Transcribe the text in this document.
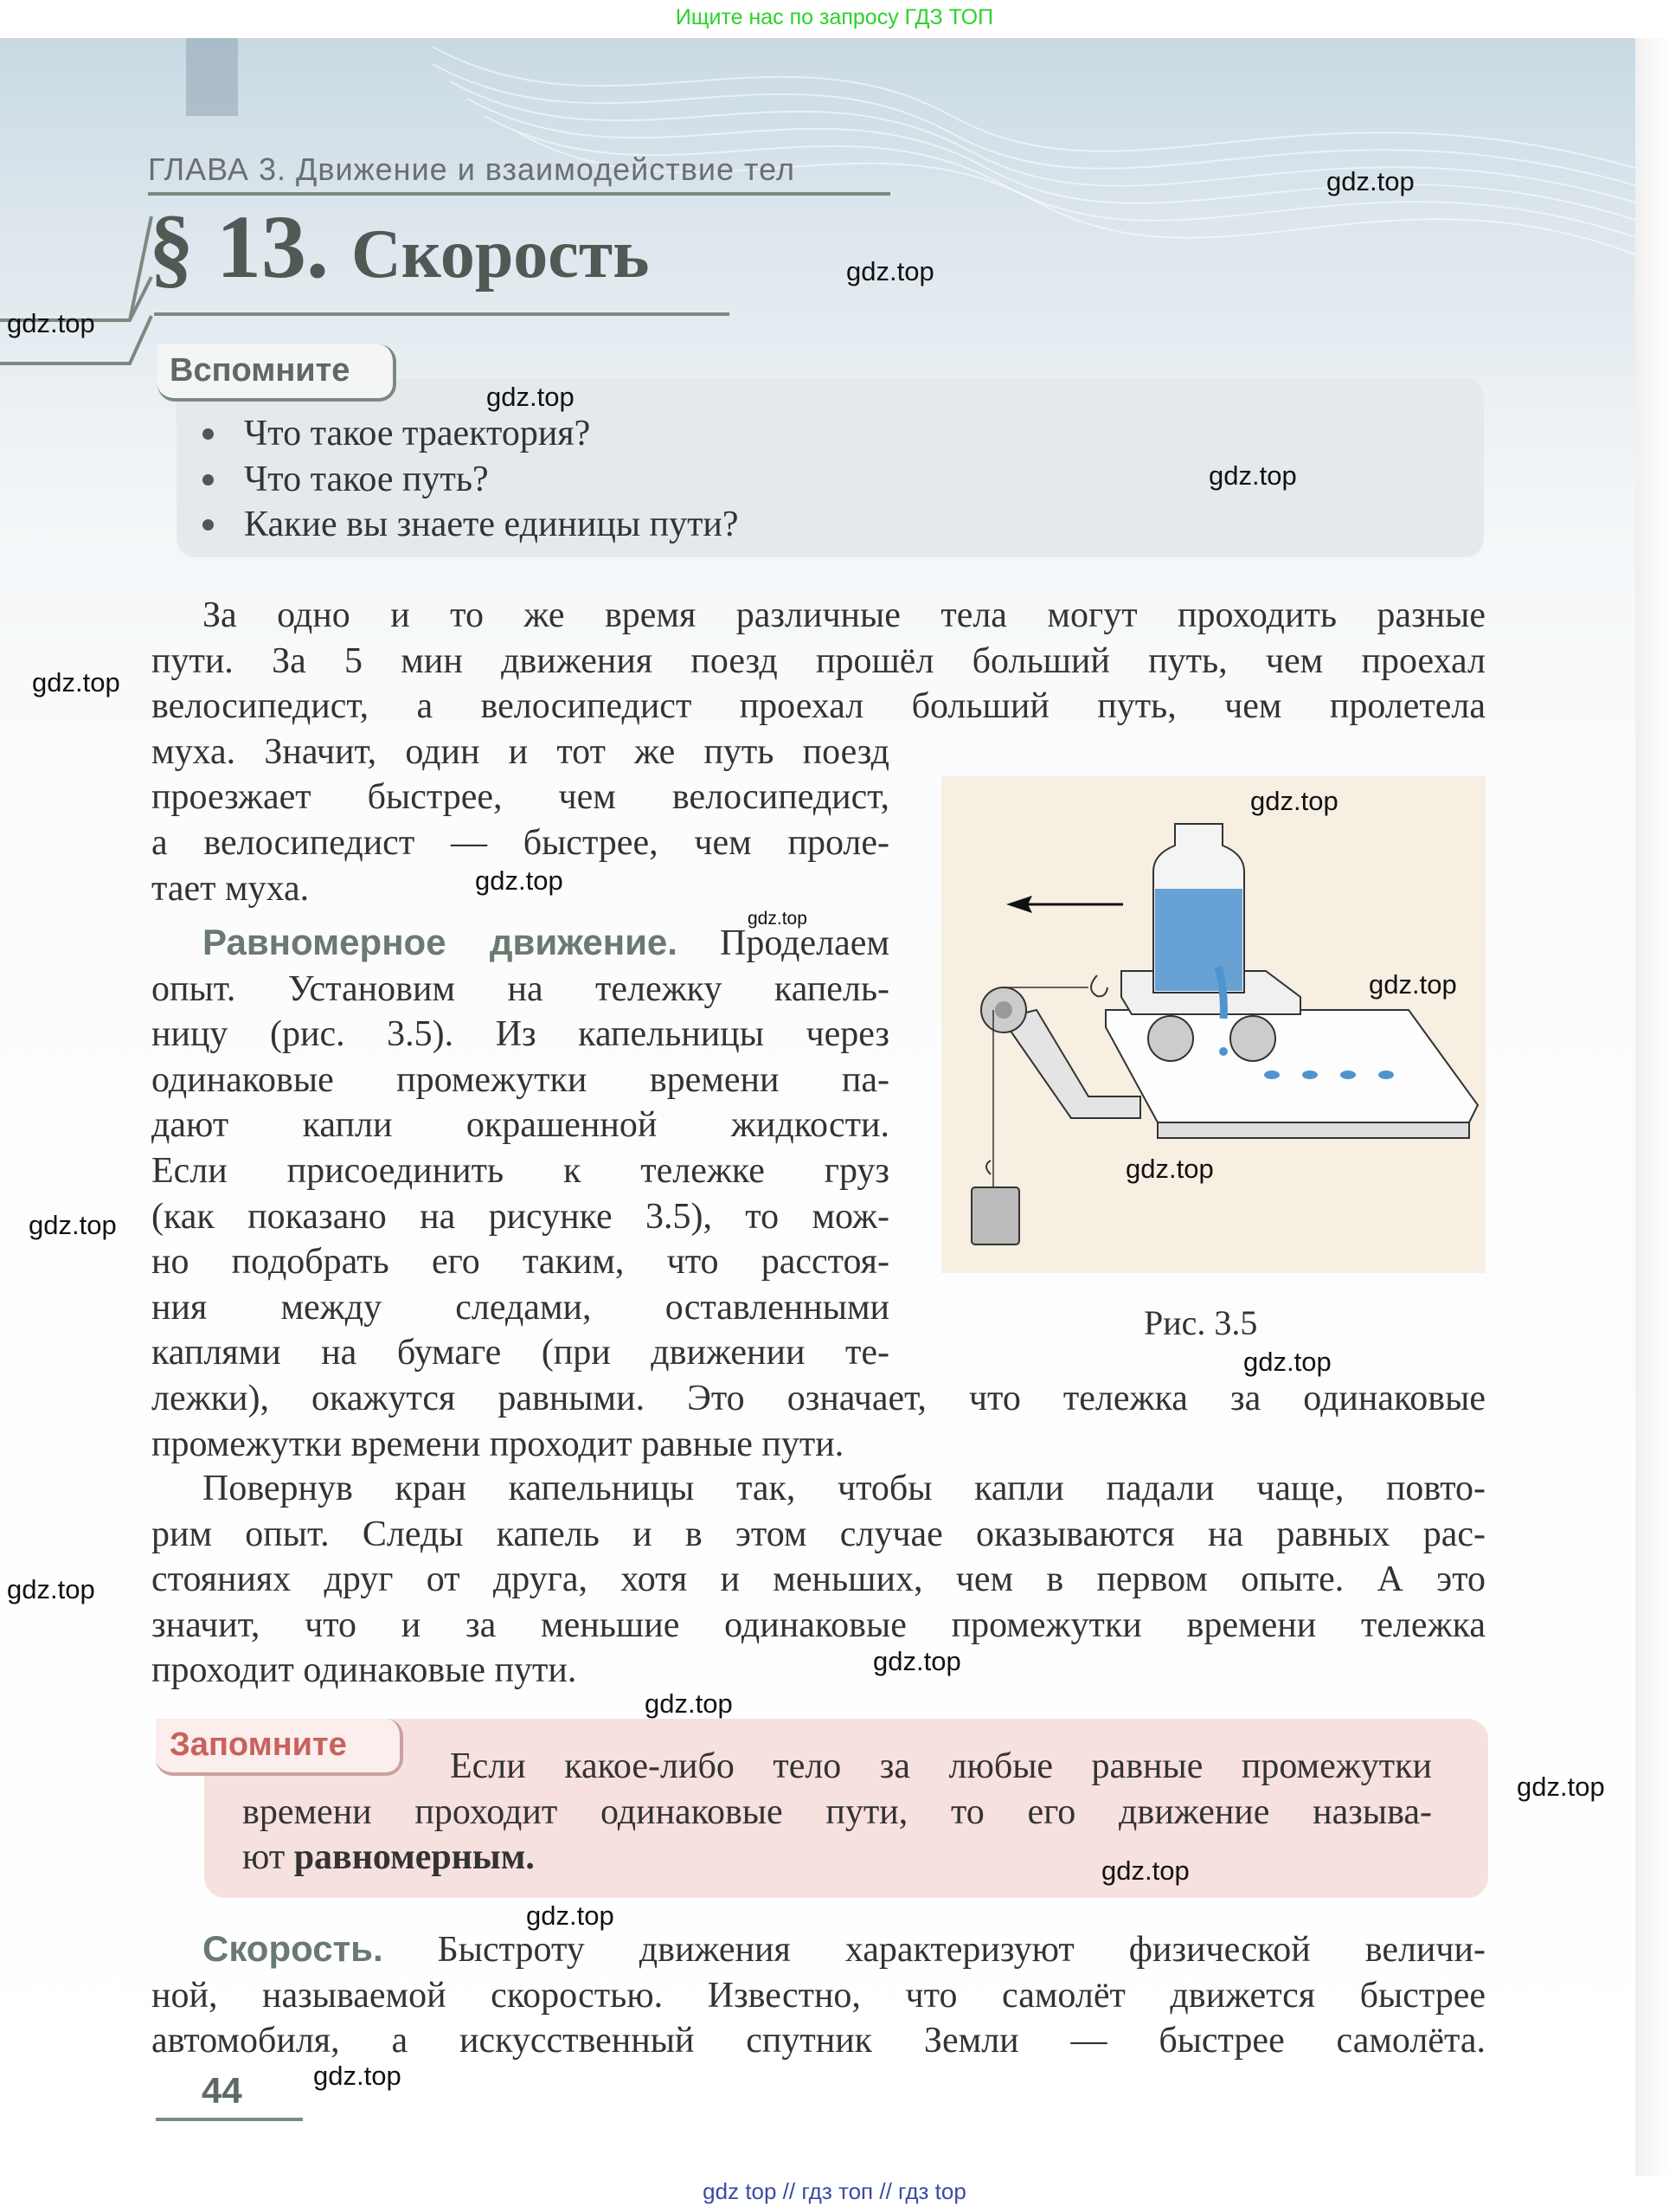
Ищите нас по запросу ГДЗ ТОП
ГЛАВА 3. Движение и взаимодействие тел
§ 13. Скорость
Вспомните
Что такое траектория?
Что такое путь?
Какие вы знаете единицы пути?
За одно и то же время различные тела могут проходить разные
пути. За 5 мин движения поезд прошёл больший путь, чем проехал
велосипедист, а велосипедист проехал больший путь, чем пролетела
муха. Значит, один и тот же путь поезд
проезжает быстрее, чем велосипедист,
а велосипедист — быстрее, чем проле-
тает муха.
Равномерное движение. Проделаем
опыт. Установим на тележку капель-
ницу (рис. 3.5). Из капельницы через
одинаковые промежутки времени па-
дают капли окрашенной жидкости.
Если присоединить к тележке груз
(как показано на рисунке 3.5), то мож-
но подобрать его таким, что расстоя-
ния между следами, оставленными
каплями на бумаге (при движении те-
лежки), окажутся равными. Это означает, что тележка за одинаковые
промежутки времени проходит равные пути.
Рис. 3.5
Повернув кран капельницы так, чтобы капли падали чаще, повто-
рим опыт. Следы капель и в этом случае оказываются на равных рас-
стояниях друг от друга, хотя и меньших, чем в первом опыте. А это
значит, что и за меньшие одинаковые промежутки времени тележка
проходит одинаковые пути.
Запомните
Если какое-либо тело за любые равные промежутки
времени проходит одинаковые пути, то его движение называ-
ют равномерным.
Скорость. Быстроту движения характеризуют физической величи-
ной, называемой скоростью. Известно, что самолёт движется быстрее
автомобиля, а искусственный спутник Земли — быстрее самолёта.
44
gdz.top
gdz.top
gdz.top
gdz.top
gdz.top
gdz.top
gdz.top
gdz.top
gdz.top
gdz.top
gdz.top
gdz.top
gdz.top
gdz.top
gdz.top
gdz.top
gdz.top
gdz.top
gdz.top
gdz.top
gdz top // гдз топ // гдз top
